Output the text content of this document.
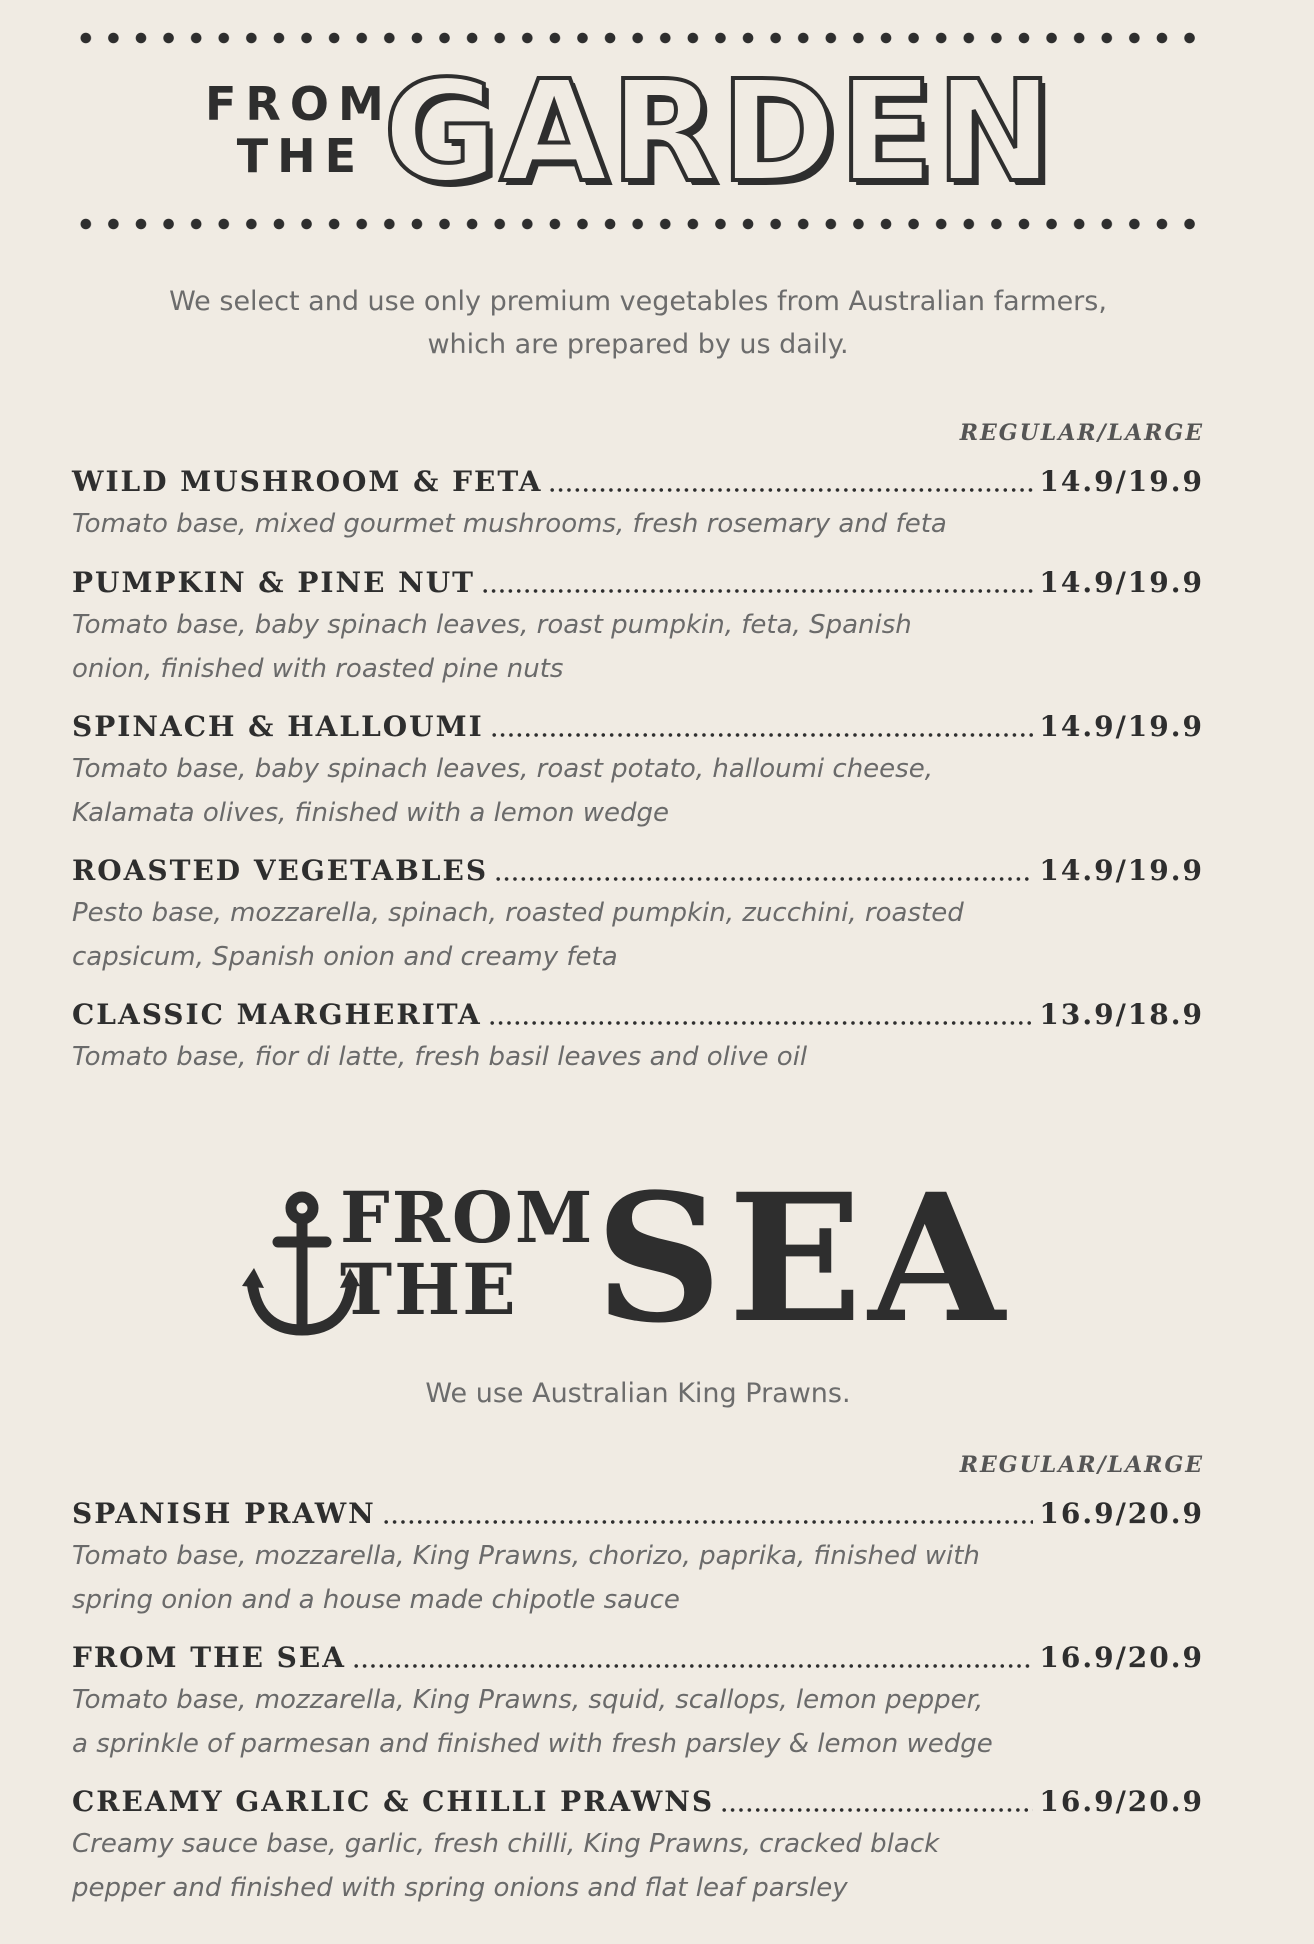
FROM
THE GARDEN
We select and use only premium vegetables from Australian farmers,
which are prepared by us daily.
REGULAR/LARGE
WILD MUSHROOM & FETA	14.9/19.9
Tomato base, mixed gourmet mushrooms, fresh rosemary and feta
PUMPKIN & PINE NUT	14.9/19.9
Tomato base, baby spinach leaves, roast pumpkin, feta, Spanish
onion, finished with roasted pine nuts
SPINACH & HALLOUMI	14.9/19.9
Tomato base, baby spinach leaves, roast potato, halloumi cheese,
Kalamata olives, finished with a lemon wedge
ROASTED VEGETABLES	14.9/19.9
Pesto base, mozzarella, spinach, roasted pumpkin, zucchini, roasted
capsicum, Spanish onion and creamy feta
CLASSIC MARGHERITA	13.9/18.9
Tomato base, fior di latte, fresh basil leaves and olive oil
FROM
THE SEA
We use Australian King Prawns.
REGULAR/LARGE
SPANISH PRAWN	16.9/20.9
Tomato base, mozzarella, King Prawns, chorizo, paprika, finished with
spring onion and a house made chipotle sauce
FROM THE SEA	16.9/20.9
Tomato base, mozzarella, King Prawns, squid, scallops, lemon pepper,
a sprinkle of parmesan and finished with fresh parsley & lemon wedge
CREAMY GARLIC & CHILLI PRAWNS	16.9/20.9
Creamy sauce base, garlic, fresh chilli, King Prawns, cracked black
pepper and finished with spring onions and flat leaf parsley
